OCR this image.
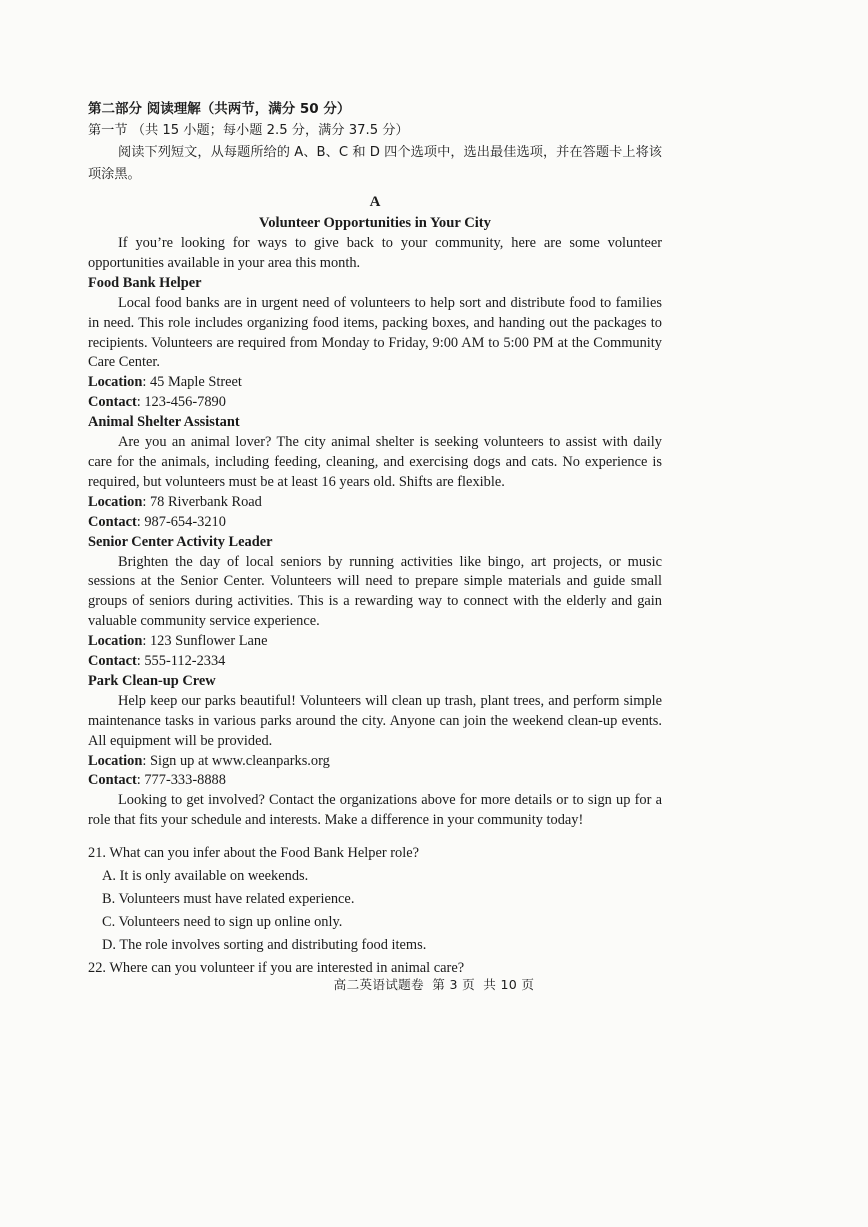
第二部分 阅读理解（共两节，满分 50 分）

第一节 （共 15 小题；每小题 2.5 分，满分 37.5 分）

阅读下列短文，从每题所给的 A、B、C 和 D 四个选项中，选出最佳选项，并在答题卡上将该项涂黑。

A

Volunteer Opportunities in Your City

If you’re looking for ways to give back to your community, here are some volunteer opportunities available in your area this month.

Food Bank Helper

Local food banks are in urgent need of volunteers to help sort and distribute food to families in need. This role includes organizing food items, packing boxes, and handing out the packages to recipients. Volunteers are required from Monday to Friday, 9:00 AM to 5:00 PM at the Community Care Center.

Location: 45 Maple Street

Contact: 123-456-7890

Animal Shelter Assistant

Are you an animal lover? The city animal shelter is seeking volunteers to assist with daily care for the animals, including feeding, cleaning, and exercising dogs and cats. No experience is required, but volunteers must be at least 16 years old. Shifts are flexible.

Location: 78 Riverbank Road

Contact: 987-654-3210

Senior Center Activity Leader

Brighten the day of local seniors by running activities like bingo, art projects, or music sessions at the Senior Center. Volunteers will need to prepare simple materials and guide small groups of seniors during activities. This is a rewarding way to connect with the elderly and gain valuable community service experience.

Location: 123 Sunflower Lane

Contact: 555-112-2334

Park Clean-up Crew

Help keep our parks beautiful! Volunteers will clean up trash, plant trees, and perform simple maintenance tasks in various parks around the city. Anyone can join the weekend clean-up events. All equipment will be provided.

Location: Sign up at www.cleanparks.org

Contact: 777-333-8888

Looking to get involved? Contact the organizations above for more details or to sign up for a role that fits your schedule and interests. Make a difference in your community today!

21. What can you infer about the Food Bank Helper role?

A. It is only available on weekends.

B. Volunteers must have related experience.

C. Volunteers need to sign up online only.

D. The role involves sorting and distributing food items.

22. Where can you volunteer if you are interested in animal care?

高二英语试题卷 第 3 页 共 10 页
